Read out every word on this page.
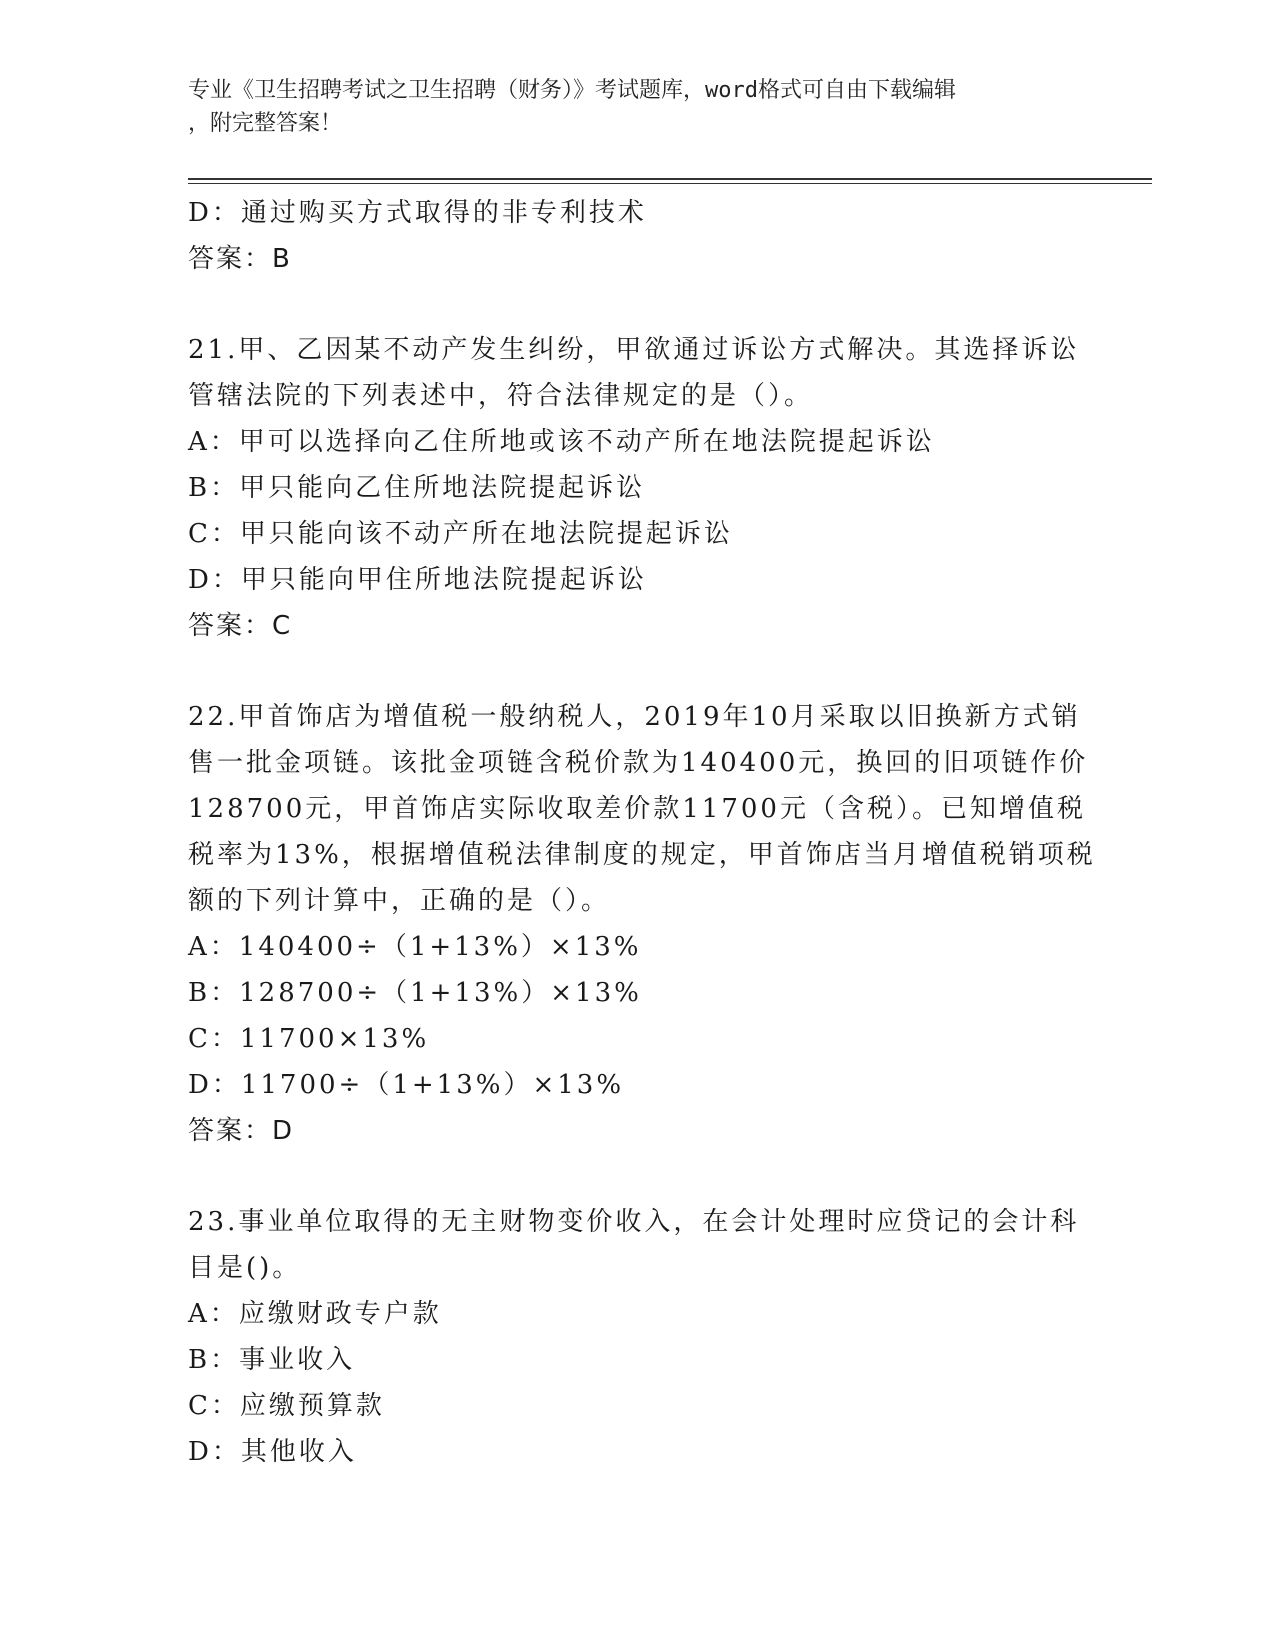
专业《卫生招聘考试之卫生招聘（财务）》考试题库，word格式可自由下载编辑
，附完整答案！
D：通过购买方式取得的非专利技术
答案：B
21.甲、乙因某不动产发生纠纷，甲欲通过诉讼方式解决。其选择诉讼
管辖法院的下列表述中，符合法律规定的是（）。
A：甲可以选择向乙住所地或该不动产所在地法院提起诉讼
B：甲只能向乙住所地法院提起诉讼
C：甲只能向该不动产所在地法院提起诉讼
D：甲只能向甲住所地法院提起诉讼
答案：C
22.甲首饰店为增值税一般纳税人，2019年10月采取以旧换新方式销
售一批金项链。该批金项链含税价款为140400元，换回的旧项链作价
128700元，甲首饰店实际收取差价款11700元（含税）。已知增值税
税率为13%，根据增值税法律制度的规定，甲首饰店当月增值税销项税
额的下列计算中，正确的是（）。
A：140400÷（1+13%）×13%
B：128700÷（1+13%）×13%
C：11700×13%
D：11700÷（1+13%）×13%
答案：D
23.事业单位取得的无主财物变价收入，在会计处理时应贷记的会计科
目是()。
A：应缴财政专户款
B：事业收入
C：应缴预算款
D：其他收入
